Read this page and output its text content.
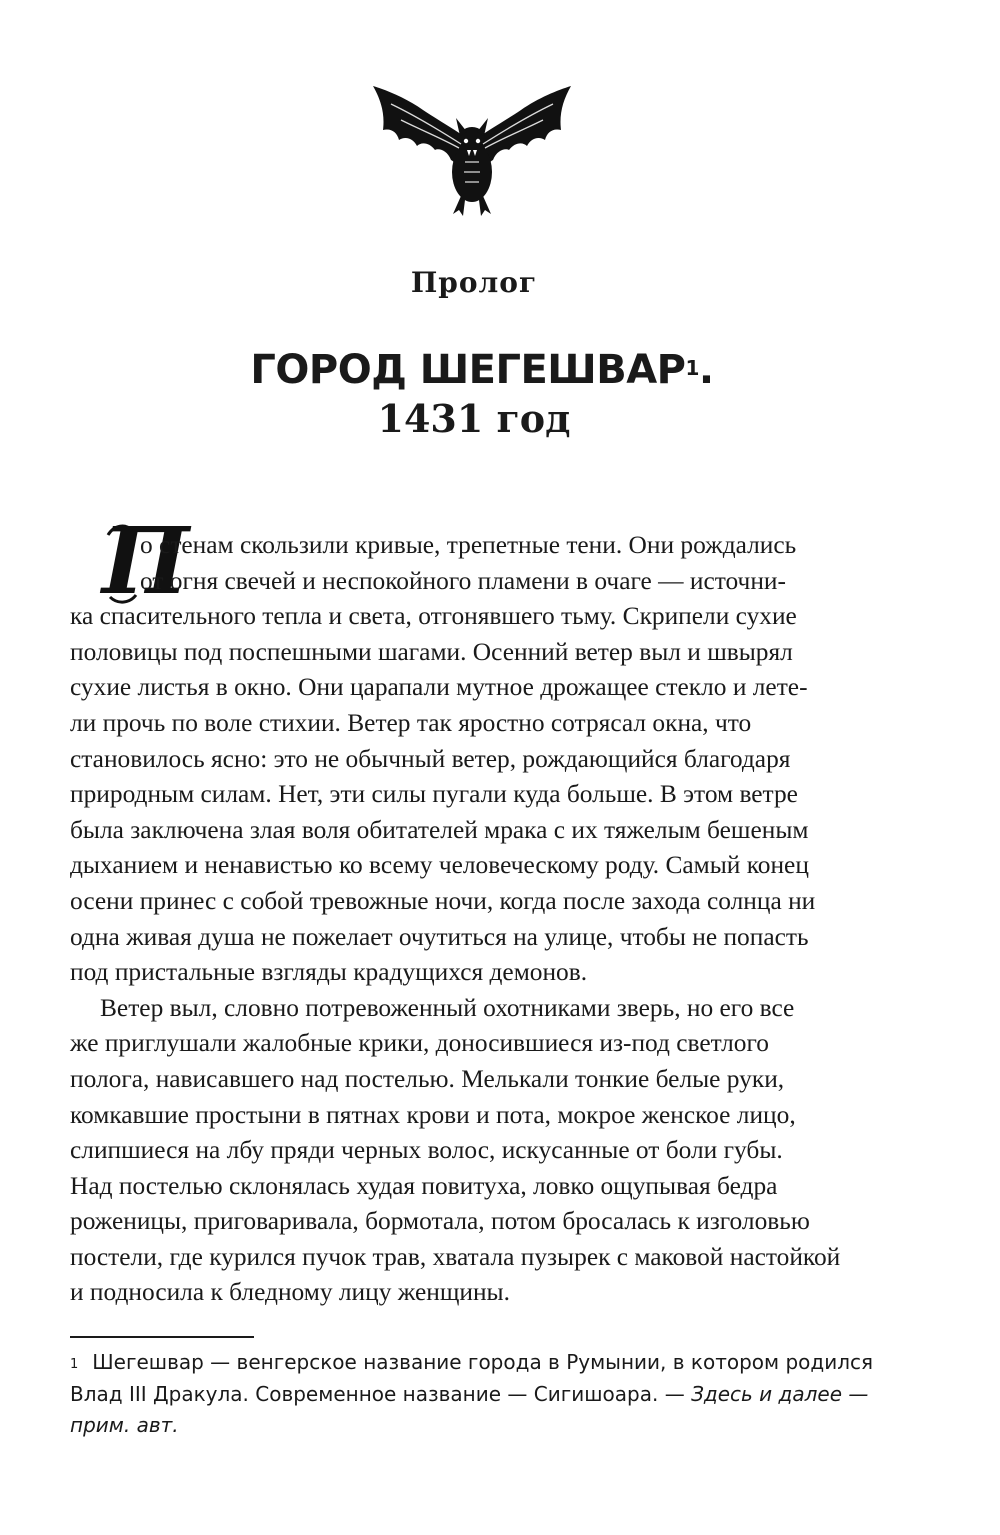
Пролог
ГОРОД ШЕГЕШВАР$^1$.
1431 год
П
о стенам скользили кривые, трепетные тени. Они рождались
от огня свечей и неспокойного пламени в очаге — источни-
ка спасительного тепла и света, отгонявшего тьму. Скрипели сухие
половицы под поспешными шагами. Осенний ветер выл и швырял
сухие листья в окно. Они царапали мутное дрожащее стекло и лете-
ли прочь по воле стихии. Ветер так яростно сотрясал окна, что
становилось ясно: это не обычный ветер, рождающийся благодаря
природным силам. Нет, эти силы пугали куда больше. В этом ветре
была заключена злая воля обитателей мрака с их тяжелым бешеным
дыханием и ненавистью ко всему человеческому роду. Самый конец
осени принес с собой тревожные ночи, когда после захода солнца ни
одна живая душа не пожелает очутиться на улице, чтобы не попасть
под пристальные взгляды крадущихся демонов.
Ветер выл, словно потревоженный охотниками зверь, но его все
же приглушали жалобные крики, доносившиеся из-под светлого
полога, нависавшего над постелью. Мелькали тонкие белые руки,
комкавшие простыни в пятнах крови и пота, мокрое женское лицо,
слипшиеся на лбу пряди черных волос, искусанные от боли губы.
Над постелью склонялась худая повитуха, ловко ощупывая бедра
роженицы, приговаривала, бормотала, потом бросалась к изголовью
постели, где курился пучок трав, хватала пузырек с маковой настойкой
и подносила к бледному лицу женщины.
$^1$ Шегешвар — венгерское название города в Румынии, в котором родился
Влад III Дракула. Современное название — Сигишоара. — Здесь и далее —
прим. авт.
